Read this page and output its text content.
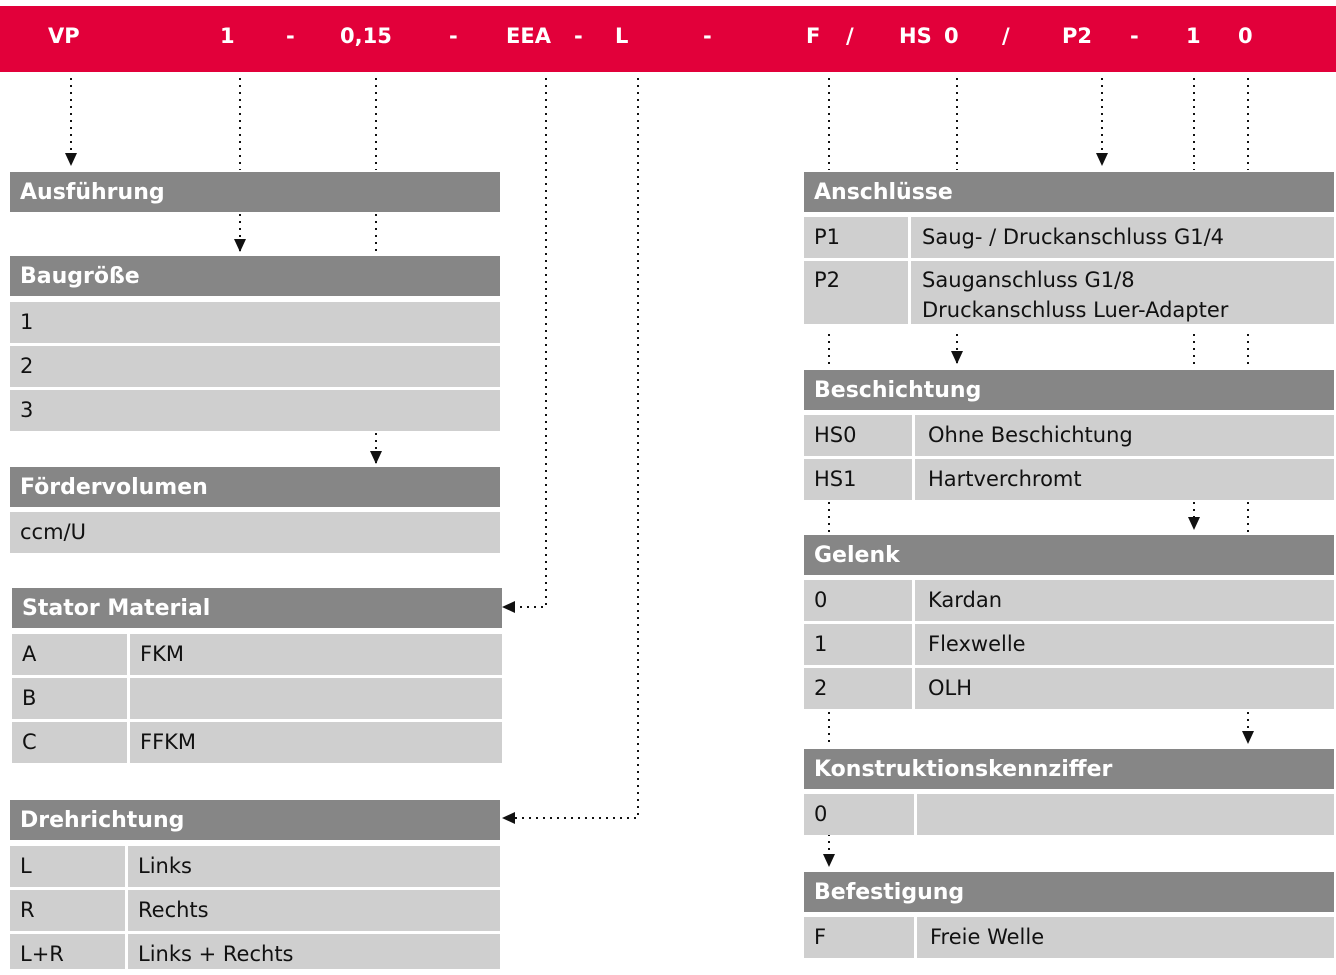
VP	1 - 0,15	- EEA - L	-	F / HS 0 / P2 - 1 0
Ausführung
Baugröße
1
2
3
Fördervolumen
ccm/U
Stator Material
A	FKM
B
C	FFKM
Drehrichtung
L	Links
R	Rechts
L+R	Links + Rechts
Anschlüsse
P1	Saug- / Druckanschluss G1/4
P2	Sauganschluss G1/8
Druckanschluss Luer-Adapter
Beschichtung
HS0	Ohne Beschichtung
HS1	Hartverchromt
Gelenk
0	Kardan
1	Flexwelle
2	OLH
Konstruktionskennziffer
0
Befestigung
F	Freie Welle
